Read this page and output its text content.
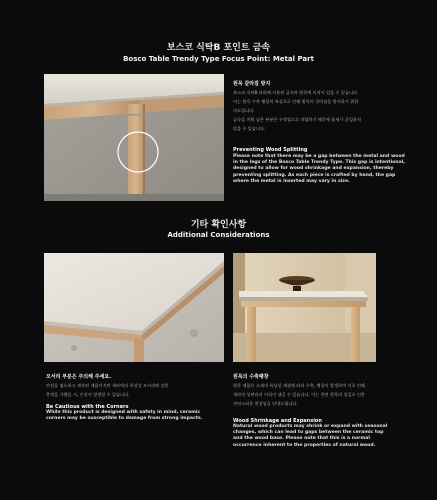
보스코 식탁B 포인트 금속
Bosco Table Trendy Type Focus Point: Metal Part
원목 갈라짐 방지
보스코 식탁B 다리에 사용된 금속과 원목에 이격이 있을 수 있습니다.
이는 원목 수축 팽창의 특성으로 인해 원목의 갈라짐을 방지하기 위한
의도입니다.
금속을 끼워 넣은 부분은 수작업으로 작업하기 때문에 틈새가 균일하지
않을 수 있습니다.
Preventing Wood Splitting
Please note that there may be a gap between the metal and wood
in the legs of the Bosco Table Trendy Type. This gap is intentional,
designed to allow for wood shrinkage and expansion, thereby
preventing splitting. As each piece is crafted by hand, the gap
where the metal is inserted may vary in size.
기타 확인사항
Additional Considerations
모서리 부분은 주의해 주세요.
안전을 염두하고 제작된 제품이지만 세라믹의 특성상 모서리에 강한
충격을 가했을 시, 손상이 발생할 수 있습니다.
Be Cautious with the Corners
While this product is designed with safety in mind, ceramic
corners may be susceptible to damage from strong impacts.
원목의 수축팽창
원목 제품은 소재의 특성상 계절에 따라 수축, 팽창이 발생하여 이로 인해
세라믹 상판과의 이격이 생길 수 있습니다. 이는 천연 원목의 성질로 인한
자연스러운 현상임을 안내드립니다.
Wood Shrinkage and Expansion
Natural wood products may shrink or expand with seasonal
changes, which can lead to gaps between the ceramic top
and the wood base. Please note that this is a normal
occurrence inherent to the properties of natural wood.
